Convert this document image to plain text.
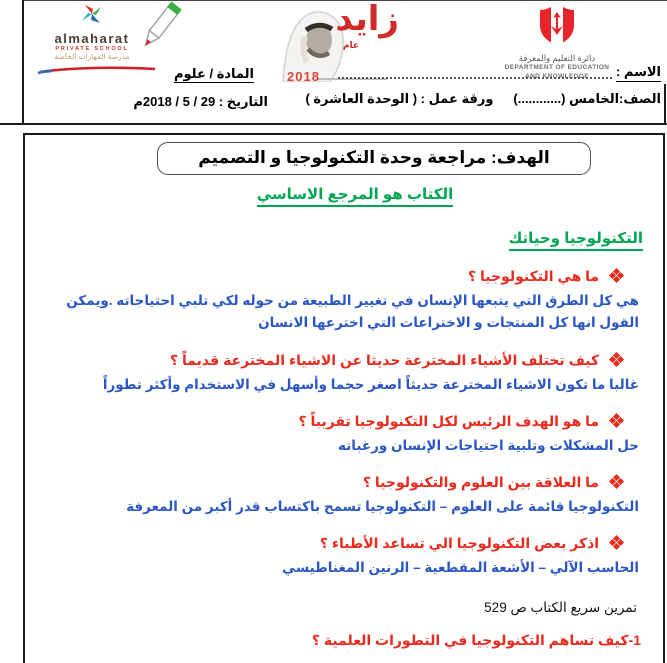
almaharat
PRIVATE SCHOOL
مدرسة المهارات الخاصة
زايد
عام
2018
دائرة التعليم والمعرفة
DEPARTMENT OF EDUCATION
AND KNOWLEDGE	الاسم :
الصف:الخامس (............)
ورقة عمل : ( الوحدة العاشرة )
المادة / علوم
التاريخ : 29 / 5 / 2018م
الهدف: مراجعة وحدة التكنولوجيا و التصميم
الكتاب هو المرجع الاساسي
التكنولوجيا وحياتك
ما هي التكنولوجيا ؟
هي كل الطرق التي يتبعها الإنسان في تغيير الطبيعة من حوله لكي تلبي احتياجاته .ويمكن القول انها كل المنتجات و الاختراعات التي اخترعها الانسان
كيف تختلف الأشياء المخترعة حديثا عن الاشياء المخترعة قديماً ؟
غالبا ما تكون الاشياء المخترعة حديثاً اصغر حجما وأسهل في الاستخدام وأكثر تطوراً
ما هو الهدف الرئيس لكل التكنولوجيا تقريباً ؟
حل المشكلات وتلبية احتياجات الإنسان ورغباته
ما العلاقة بين العلوم والتكنولوجيا ؟
التكنولوجيا قائمة على العلوم – التكنولوجيا تسمح باكتساب قدر أكبر من المعرفة
اذكر بعض التكنولوجيا الي تساعد الأطباء ؟
الحاسب الآلي – الأشعة المقطعية – الرنين المغناطيسي
تمرين سريع الكتاب ص 529
1-كيف تساهم التكنولوجيا في التطورات العلمية ؟
